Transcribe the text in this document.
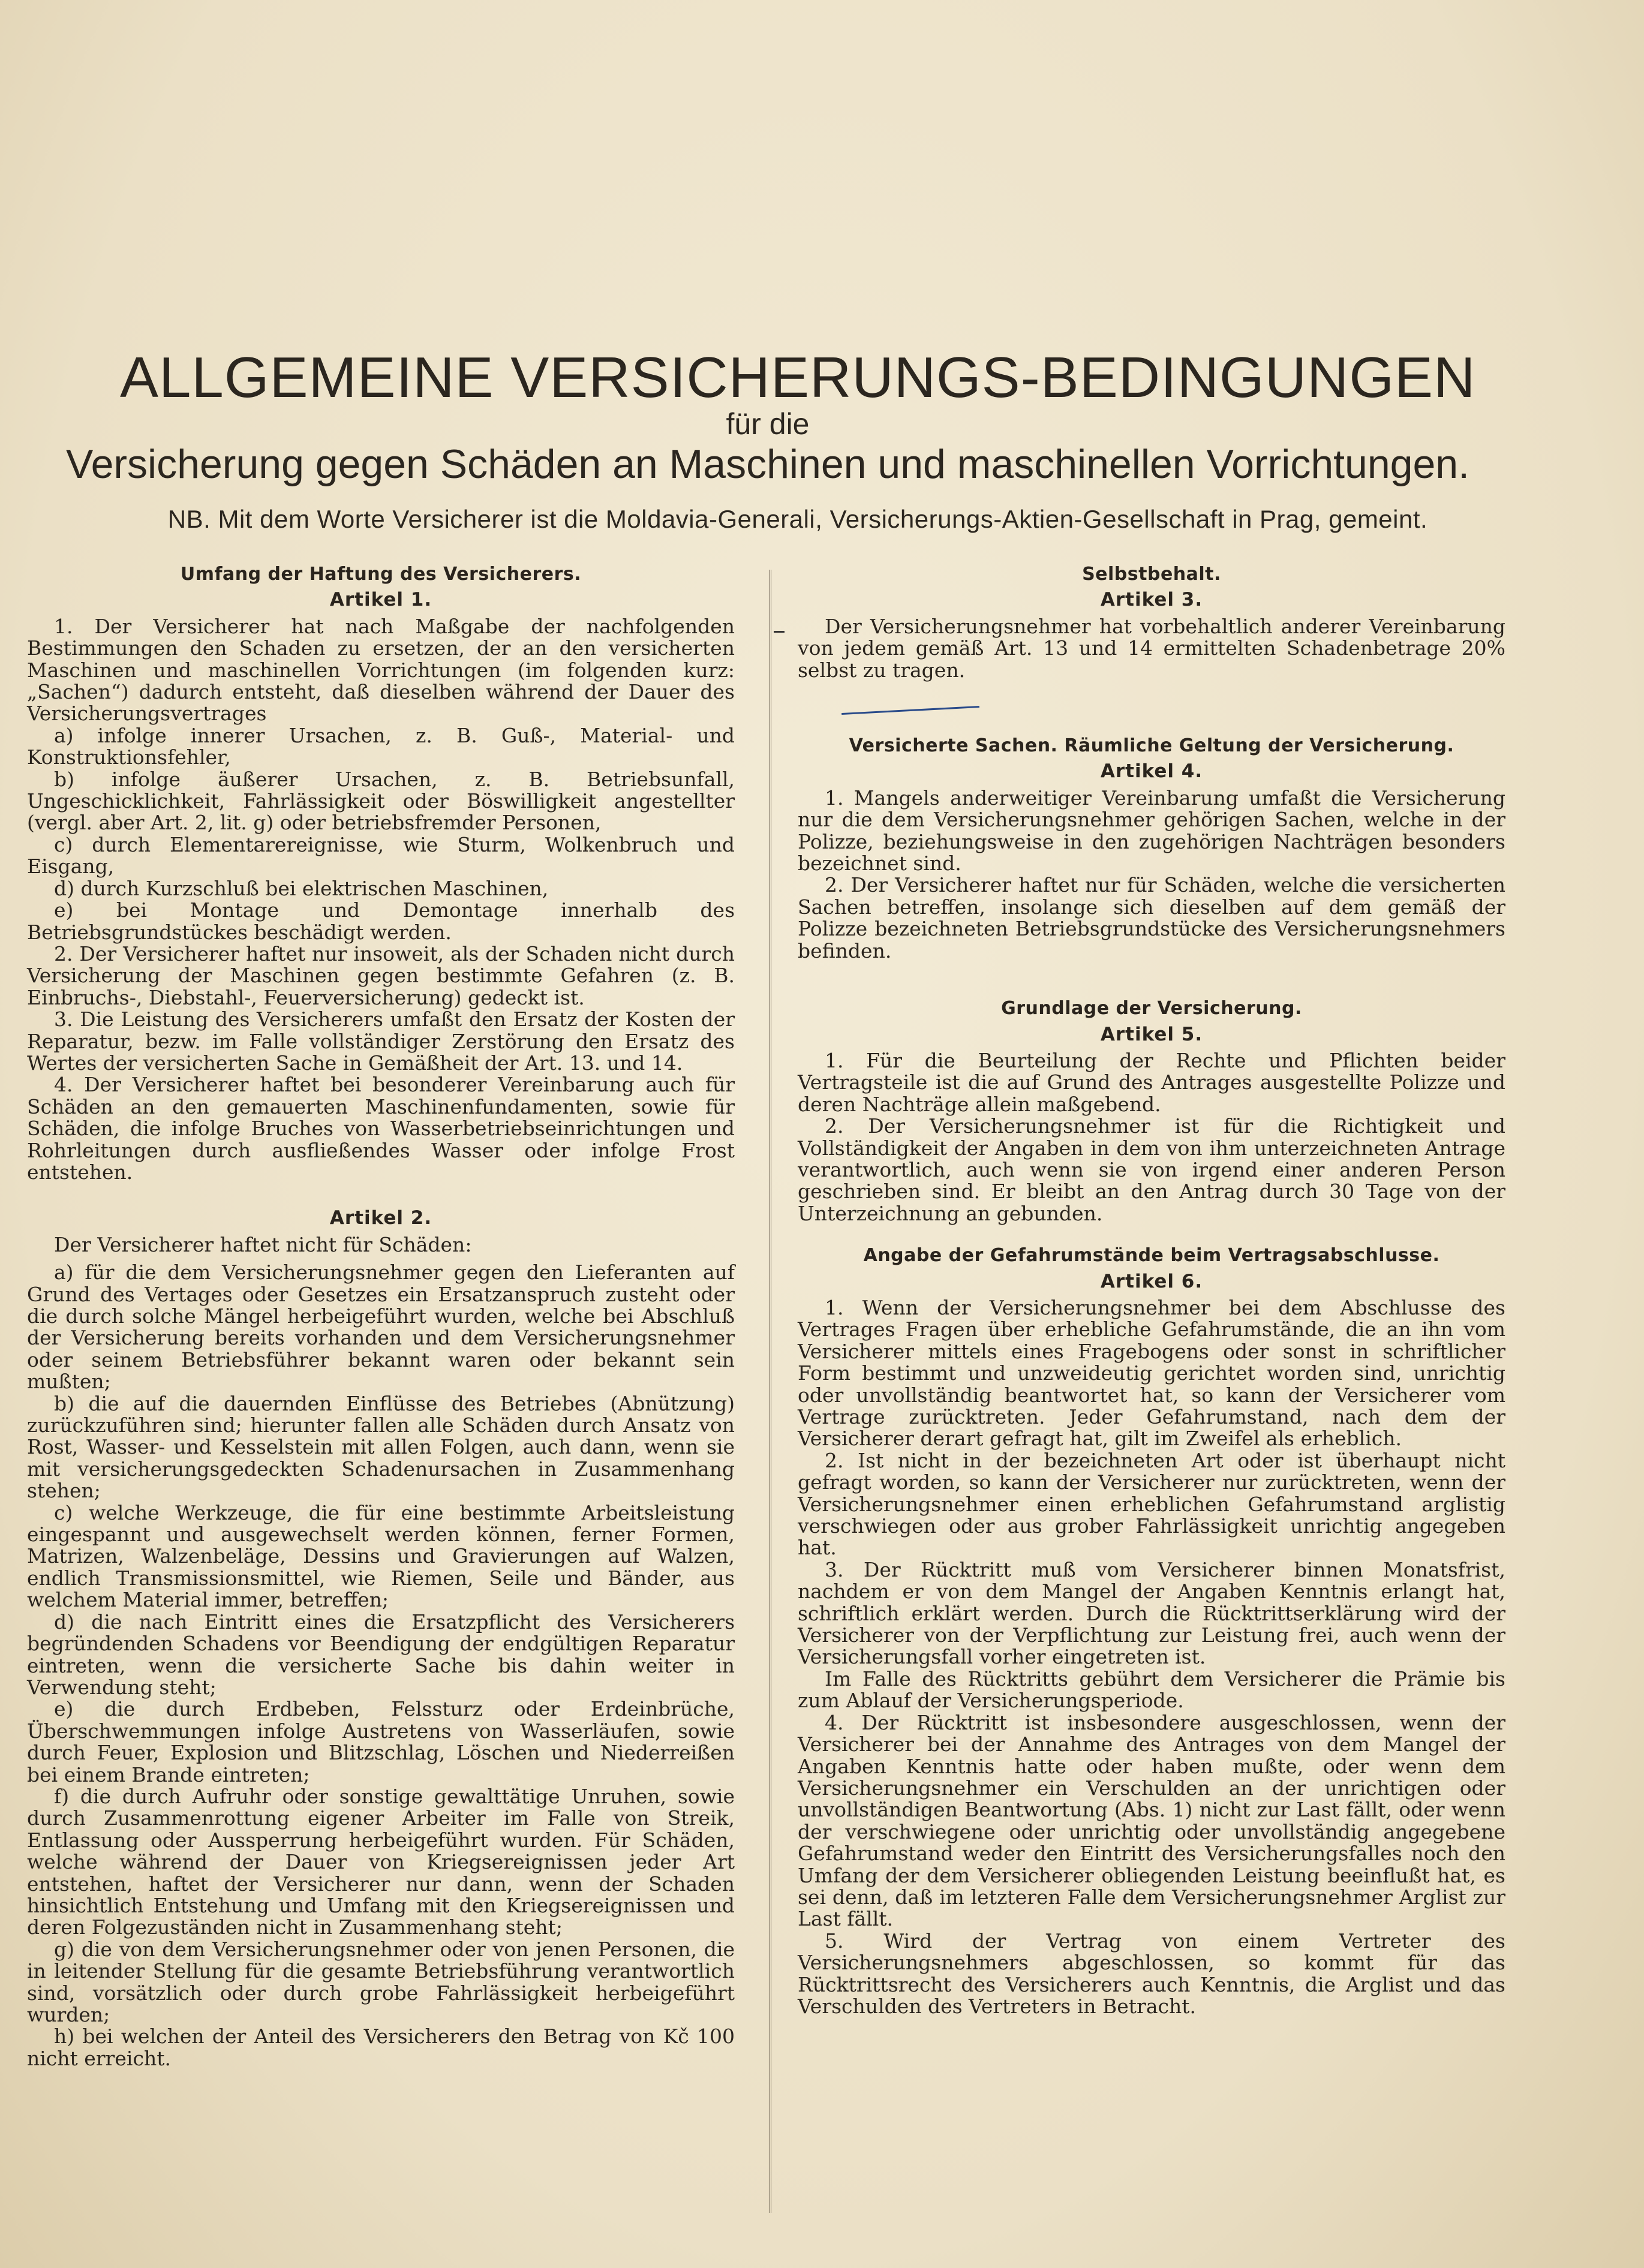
ALLGEMEINE VERSICHERUNGS-BEDINGUNGEN
für die
Versicherung gegen Schäden an Maschinen und maschinellen Vorrichtungen.
NB. Mit dem Worte Versicherer ist die Moldavia-Generali, Versicherungs-Aktien-Gesellschaft in Prag, gemeint.
Umfang der Haftung des Versicherers.
Artikel 1.

1. Der Versicherer hat nach Maßgabe der nachfolgenden Bestimmungen den Schaden zu ersetzen, der an den versicherten Maschinen und maschinellen Vorrichtungen (im folgenden kurz: „Sachen“) dadurch entsteht, daß dieselben während der Dauer des Versicherungsvertrages

a) infolge innerer Ursachen, z. B. Guß-, Material- und Konstruktionsfehler,

b) infolge äußerer Ursachen, z. B. Betriebsunfall, Ungeschicklichkeit, Fahrlässigkeit oder Böswilligkeit angestellter (vergl. aber Art. 2, lit. g) oder betriebsfremder Personen,

c) durch Elementarereignisse, wie Sturm, Wolkenbruch und Eisgang,

d) durch Kurzschluß bei elektrischen Maschinen,

e) bei Montage und Demontage innerhalb des Betriebsgrundstückes beschädigt werden.

2. Der Versicherer haftet nur insoweit, als der Schaden nicht durch Versicherung der Maschinen gegen bestimmte Gefahren (z. B. Einbruchs-, Diebstahl-, Feuerversicherung) gedeckt ist.

3. Die Leistung des Versicherers umfaßt den Ersatz der Kosten der Reparatur, bezw. im Falle vollständiger Zerstörung den Ersatz des Wertes der versicherten Sache in Gemäßheit der Art. 13. und 14.

4. Der Versicherer haftet bei besonderer Vereinbarung auch für Schäden an den gemauerten Maschinenfundamenten, sowie für Schäden, die infolge Bruches von Wasserbetriebseinrichtungen und Rohrleitungen durch ausfließendes Wasser oder infolge Frost entstehen.

Artikel 2.

Der Versicherer haftet nicht für Schäden:

a) für die dem Versicherungsnehmer gegen den Lieferanten auf Grund des Vertages oder Gesetzes ein Ersatzanspruch zusteht oder die durch solche Mängel herbeigeführt wurden, welche bei Abschluß der Versicherung bereits vorhanden und dem Versicherungsnehmer oder seinem Betriebsführer bekannt waren oder bekannt sein mußten;

b) die auf die dauernden Einflüsse des Betriebes (Abnützung) zurückzuführen sind; hierunter fallen alle Schäden durch Ansatz von Rost, Wasser- und Kesselstein mit allen Folgen, auch dann, wenn sie mit versicherungsgedeckten Schadenursachen in Zusammenhang stehen;

c) welche Werkzeuge, die für eine bestimmte Arbeitsleistung eingespannt und ausgewechselt werden können, ferner Formen, Matrizen, Walzenbeläge, Dessins und Gravierungen auf Walzen, endlich Transmissionsmittel, wie Riemen, Seile und Bänder, aus welchem Material immer, betreffen;

d) die nach Eintritt eines die Ersatzpflicht des Versicherers begründenden Schadens vor Beendigung der endgültigen Reparatur eintreten, wenn die versicherte Sache bis dahin weiter in Verwendung steht;

e) die durch Erdbeben, Felssturz oder Erdeinbrüche, Überschwemmungen infolge Austretens von Wasserläufen, sowie durch Feuer, Explosion und Blitzschlag, Löschen und Niederreißen bei einem Brande eintreten;

f) die durch Aufruhr oder sonstige gewalttätige Unruhen, sowie durch Zusammenrottung eigener Arbeiter im Falle von Streik, Entlassung oder Aussperrung herbeigeführt wurden. Für Schäden, welche während der Dauer von Kriegsereignissen jeder Art entstehen, haftet der Versicherer nur dann, wenn der Schaden hinsichtlich Entstehung und Umfang mit den Kriegsereignissen und deren Folgezuständen nicht in Zusammenhang steht;

g) die von dem Versicherungsnehmer oder von jenen Personen, die in leitender Stellung für die gesamte Betriebsführung verantwortlich sind, vorsätzlich oder durch grobe Fahrlässigkeit herbeigeführt wurden;

h) bei welchen der Anteil des Versicherers den Betrag von Kč 100 nicht erreicht.

Selbstbehalt.
Artikel 3.

Der Versicherungsnehmer hat vorbehaltlich anderer Vereinbarung von jedem gemäß Art. 13 und 14 ermittelten Schadenbetrage 20% selbst zu tragen.

Versicherte Sachen. Räumliche Geltung der Versicherung.
Artikel 4.

1. Mangels anderweitiger Vereinbarung umfaßt die Versicherung nur die dem Versicherungsnehmer gehörigen Sachen, welche in der Polizze, beziehungsweise in den zugehörigen Nachträgen besonders bezeichnet sind.

2. Der Versicherer haftet nur für Schäden, welche die versicherten Sachen betreffen, insolange sich dieselben auf dem gemäß der Polizze bezeichneten Betriebsgrundstücke des Versicherungsnehmers befinden.

Grundlage der Versicherung.
Artikel 5.

1. Für die Beurteilung der Rechte und Pflichten beider Vertragsteile ist die auf Grund des Antrages ausgestellte Polizze und deren Nachträge allein maßgebend.

2. Der Versicherungsnehmer ist für die Richtigkeit und Vollständigkeit der Angaben in dem von ihm unterzeichneten Antrage verantwortlich, auch wenn sie von irgend einer anderen Person geschrieben sind. Er bleibt an den Antrag durch 30 Tage von der Unterzeichnung an gebunden.

Angabe der Gefahrumstände beim Vertragsabschlusse.
Artikel 6.

1. Wenn der Versicherungsnehmer bei dem Abschlusse des Vertrages Fragen über erhebliche Gefahrumstände, die an ihn vom Versicherer mittels eines Fragebogens oder sonst in schriftlicher Form bestimmt und unzweideutig gerichtet worden sind, unrichtig oder unvollständig beantwortet hat, so kann der Versicherer vom Vertrage zurücktreten. Jeder Gefahrumstand, nach dem der Versicherer derart gefragt hat, gilt im Zweifel als erheblich.

2. Ist nicht in der bezeichneten Art oder ist überhaupt nicht gefragt worden, so kann der Versicherer nur zurücktreten, wenn der Versicherungsnehmer einen erheblichen Gefahrumstand arglistig verschwiegen oder aus grober Fahrlässigkeit unrichtig angegeben hat.

3. Der Rücktritt muß vom Versicherer binnen Monatsfrist, nachdem er von dem Mangel der Angaben Kenntnis erlangt hat, schriftlich erklärt werden. Durch die Rücktrittserklärung wird der Versicherer von der Verpflichtung zur Leistung frei, auch wenn der Versicherungsfall vorher eingetreten ist.

Im Falle des Rücktritts gebührt dem Versicherer die Prämie bis zum Ablauf der Versicherungsperiode.

4. Der Rücktritt ist insbesondere ausgeschlossen, wenn der Versicherer bei der Annahme des Antrages von dem Mangel der Angaben Kenntnis hatte oder haben mußte, oder wenn dem Versicherungsnehmer ein Verschulden an der unrichtigen oder unvollständigen Beantwortung (Abs. 1) nicht zur Last fällt, oder wenn der verschwiegene oder unrichtig oder unvollständig angegebene Gefahrumstand weder den Eintritt des Versicherungsfalles noch den Umfang der dem Versicherer obliegenden Leistung beeinflußt hat, es sei denn, daß im letzteren Falle dem Versicherungsnehmer Arglist zur Last fällt.

5. Wird der Vertrag von einem Vertreter des Versicherungsnehmers abgeschlossen, so kommt für das Rücktrittsrecht des Versicherers auch Kenntnis, die Arglist und das Verschulden des Vertreters in Betracht.
